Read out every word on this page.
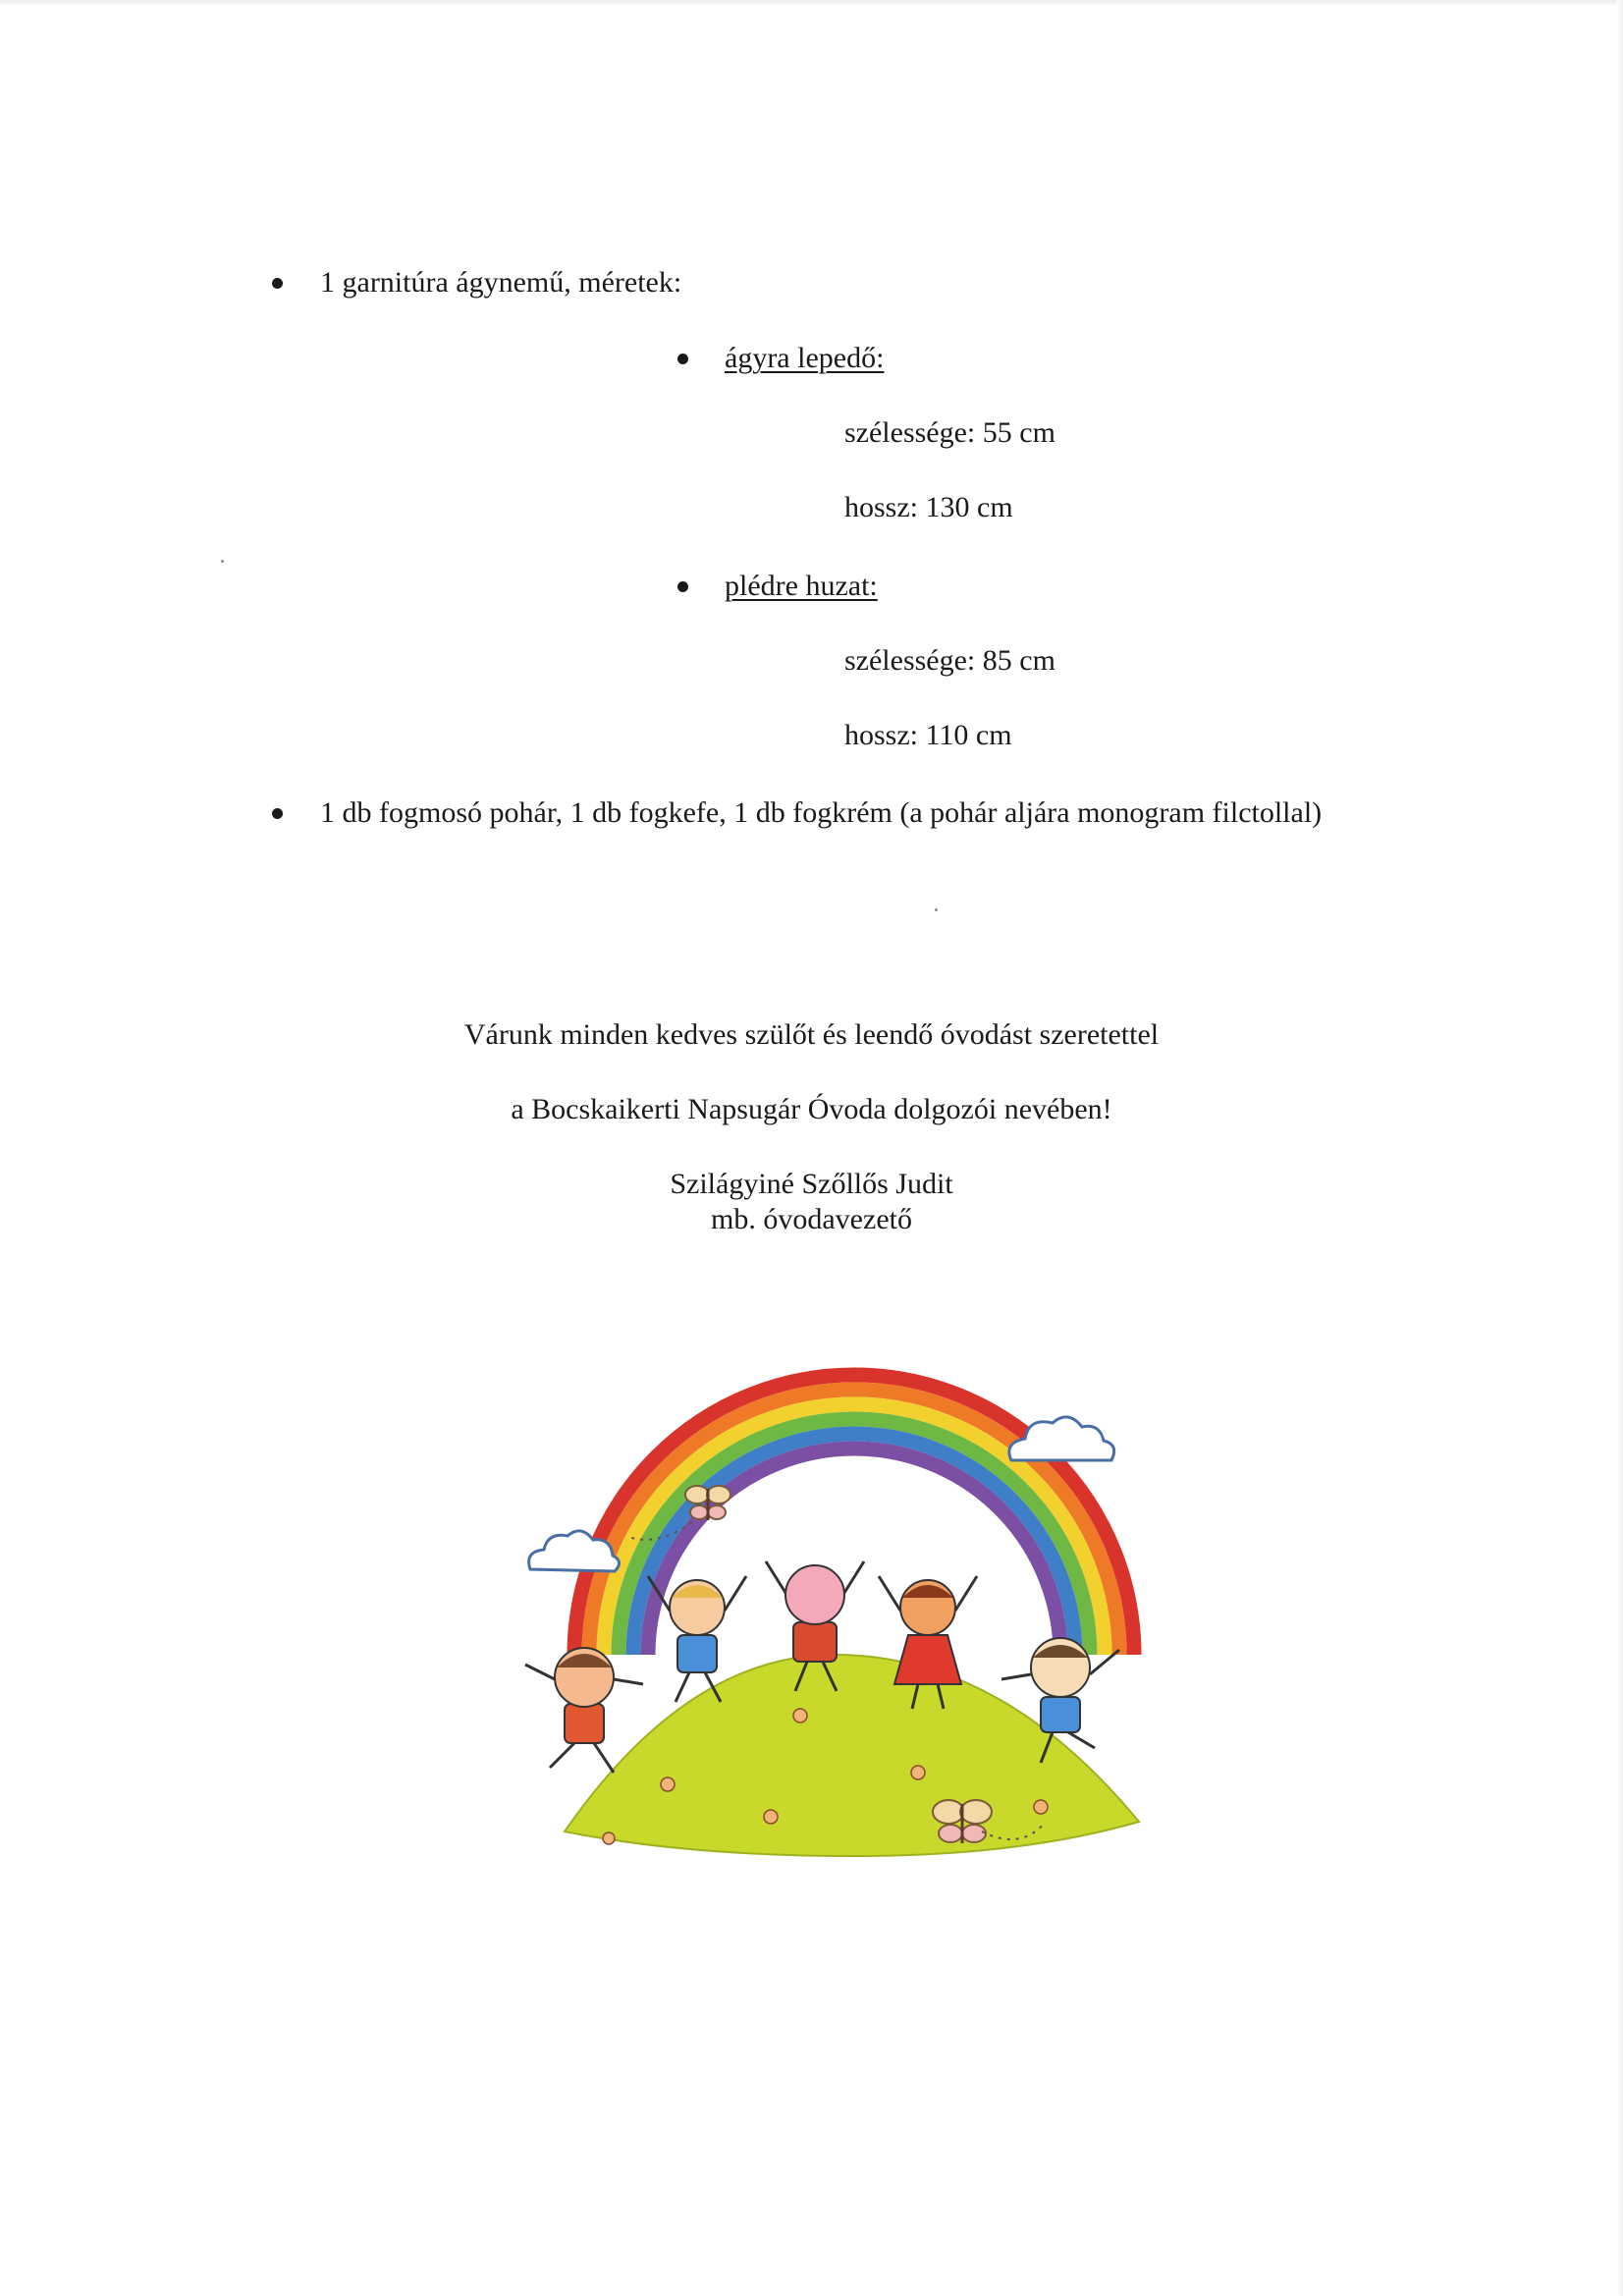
1 garnitúra ágynemű, méretek:
ágyra lepedő:
szélessége: 55 cm
hossz: 130 cm
plédre huzat:
szélessége: 85 cm
hossz: 110 cm
1 db fogmosó pohár, 1 db fogkefe, 1 db fogkrém (a pohár aljára monogram filctollal)
Várunk minden kedves szülőt és leendő óvodást szeretettel
a Bocskaikerti Napsugár Óvoda dolgozói nevében!
Szilágyiné Szőllős Judit
mb. óvodavezető
